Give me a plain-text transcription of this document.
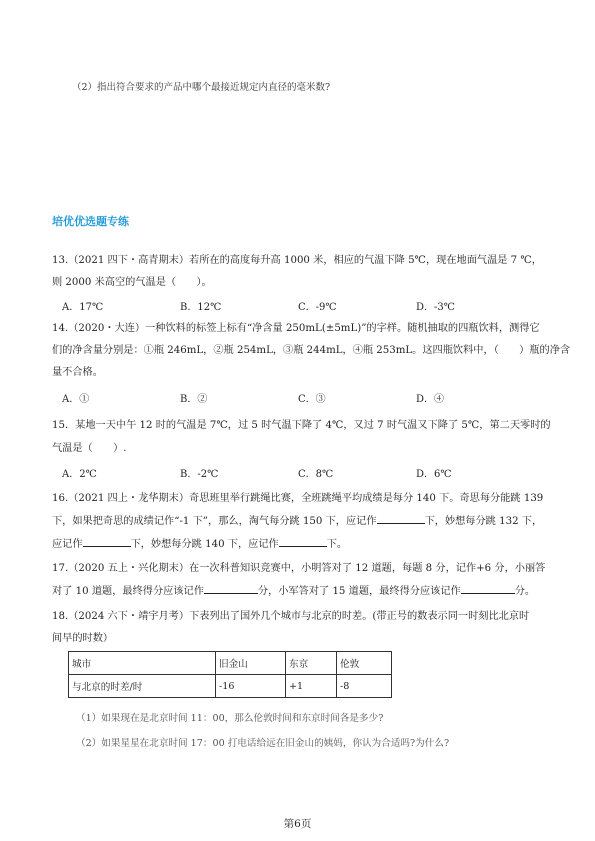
（2）指出符合要求的产品中哪个最接近规定内直径的毫米数?
培优优选题专练
13.（2021 四下・高青期末）若所在的高度每升高 1000 米，相应的气温下降 5℃，现在地面气温是 7 ℃，
则 2000 米高空的气温是（　　）。
A．17℃	B．12℃	C．-9℃	D．-3℃
14.（2020・大连）一种饮料的标签上标有“净含量 250mL(±5mL)”的字样。随机抽取的四瓶饮料，测得它
们的净含量分别是：①瓶 246mL，②瓶 254mL，③瓶 244mL，④瓶 253mL。这四瓶饮料中，（　　）瓶的净含
量不合格。
A．①	B．②	C．③	D．④
15．某地一天中午 12 时的气温是 7℃，过 5 时气温下降了 4℃，又过 7 时气温又下降了 5℃，第二天零时的
气温是（　　）.
A．2℃	B．-2℃	C．8℃	D．6℃
16.（2021 四上・龙华期末）奇思班里举行跳绳比赛，全班跳绳平均成绩是每分 140 下。奇思每分能跳 139
下，如果把奇思的成绩记作“-1 下”，那么，淘气每分跳 150 下，应记作	下，妙想每分跳 132 下，
应记作	下，妙想每分跳 140 下，应记作	下。
17.（2020 五上・兴化期末）在一次科普知识竞赛中，小明答对了 12 道题，每题 8 分，记作+6 分，小丽答
对了 10 道题，最终得分应该记作	分，小军答对了 15 道题，最终得分应该记作	分。
18.（2024 六下・靖宇月考）下表列出了国外几个城市与北京的时差。(带正号的数表示同一时刻比北京时
间早的时数）
城市	旧金山	东京	伦敦
与北京的时差/时	-16	+1	-8
（1）如果现在是北京时间 11：00，那么伦敦时间和东京时间各是多少?
（2）如果星星在北京时间 17：00 打电话给远在旧金山的姨妈，你认为合适吗?为什么?
第6页
